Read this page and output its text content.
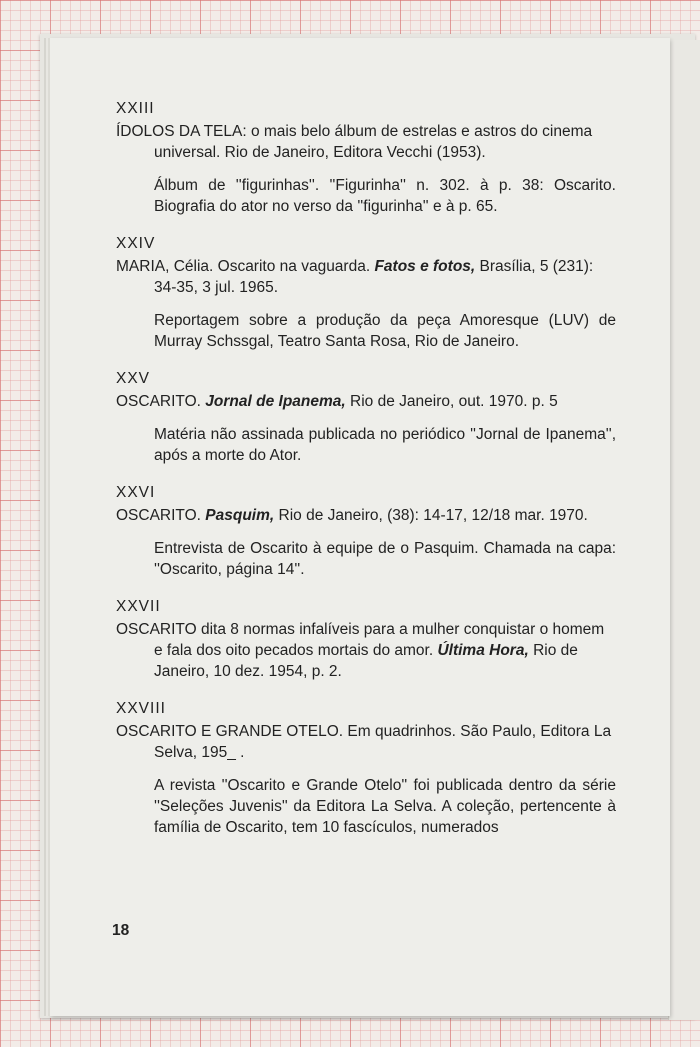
XXIII
ÍDOLOS DA TELA: o mais belo álbum de estrelas e astros do cinema universal. Rio de Janeiro, Editora Vecchi (1953).
Álbum de ''figurinhas''. ''Figurinha'' n. 302. à p. 38: Oscarito. Biografia do ator no verso da ''figurinha'' e à p. 65.
XXIV
MARIA, Célia. Oscarito na vaguarda. Fatos e fotos, Brasília, 5 (231): 34-35, 3 jul. 1965.
Reportagem sobre a produção da peça Amoresque (LUV) de Murray Schssgal, Teatro Santa Rosa, Rio de Janeiro.
XXV
OSCARITO. Jornal de Ipanema, Rio de Janeiro, out. 1970. p. 5
Matéria não assinada publicada no periódico ''Jornal de Ipanema'', após a morte do Ator.
XXVI
OSCARITO. Pasquim, Rio de Janeiro, (38): 14-17, 12/18 mar. 1970.
Entrevista de Oscarito à equipe de o Pasquim. Chamada na capa: ''Oscarito, página 14''.
XXVII
OSCARITO dita 8 normas infalíveis para a mulher conquistar o homem e fala dos oito pecados mortais do amor. Última Hora, Rio de Janeiro, 10 dez. 1954, p. 2.
XXVIII
OSCARITO E GRANDE OTELO. Em quadrinhos. São Paulo, Editora La Selva, 195_ .
A revista ''Oscarito e Grande Otelo'' foi publicada dentro da série ''Seleções Juvenis'' da Editora La Selva. A coleção, pertencente à família de Oscarito, tem 10 fascículos, numerados
18
